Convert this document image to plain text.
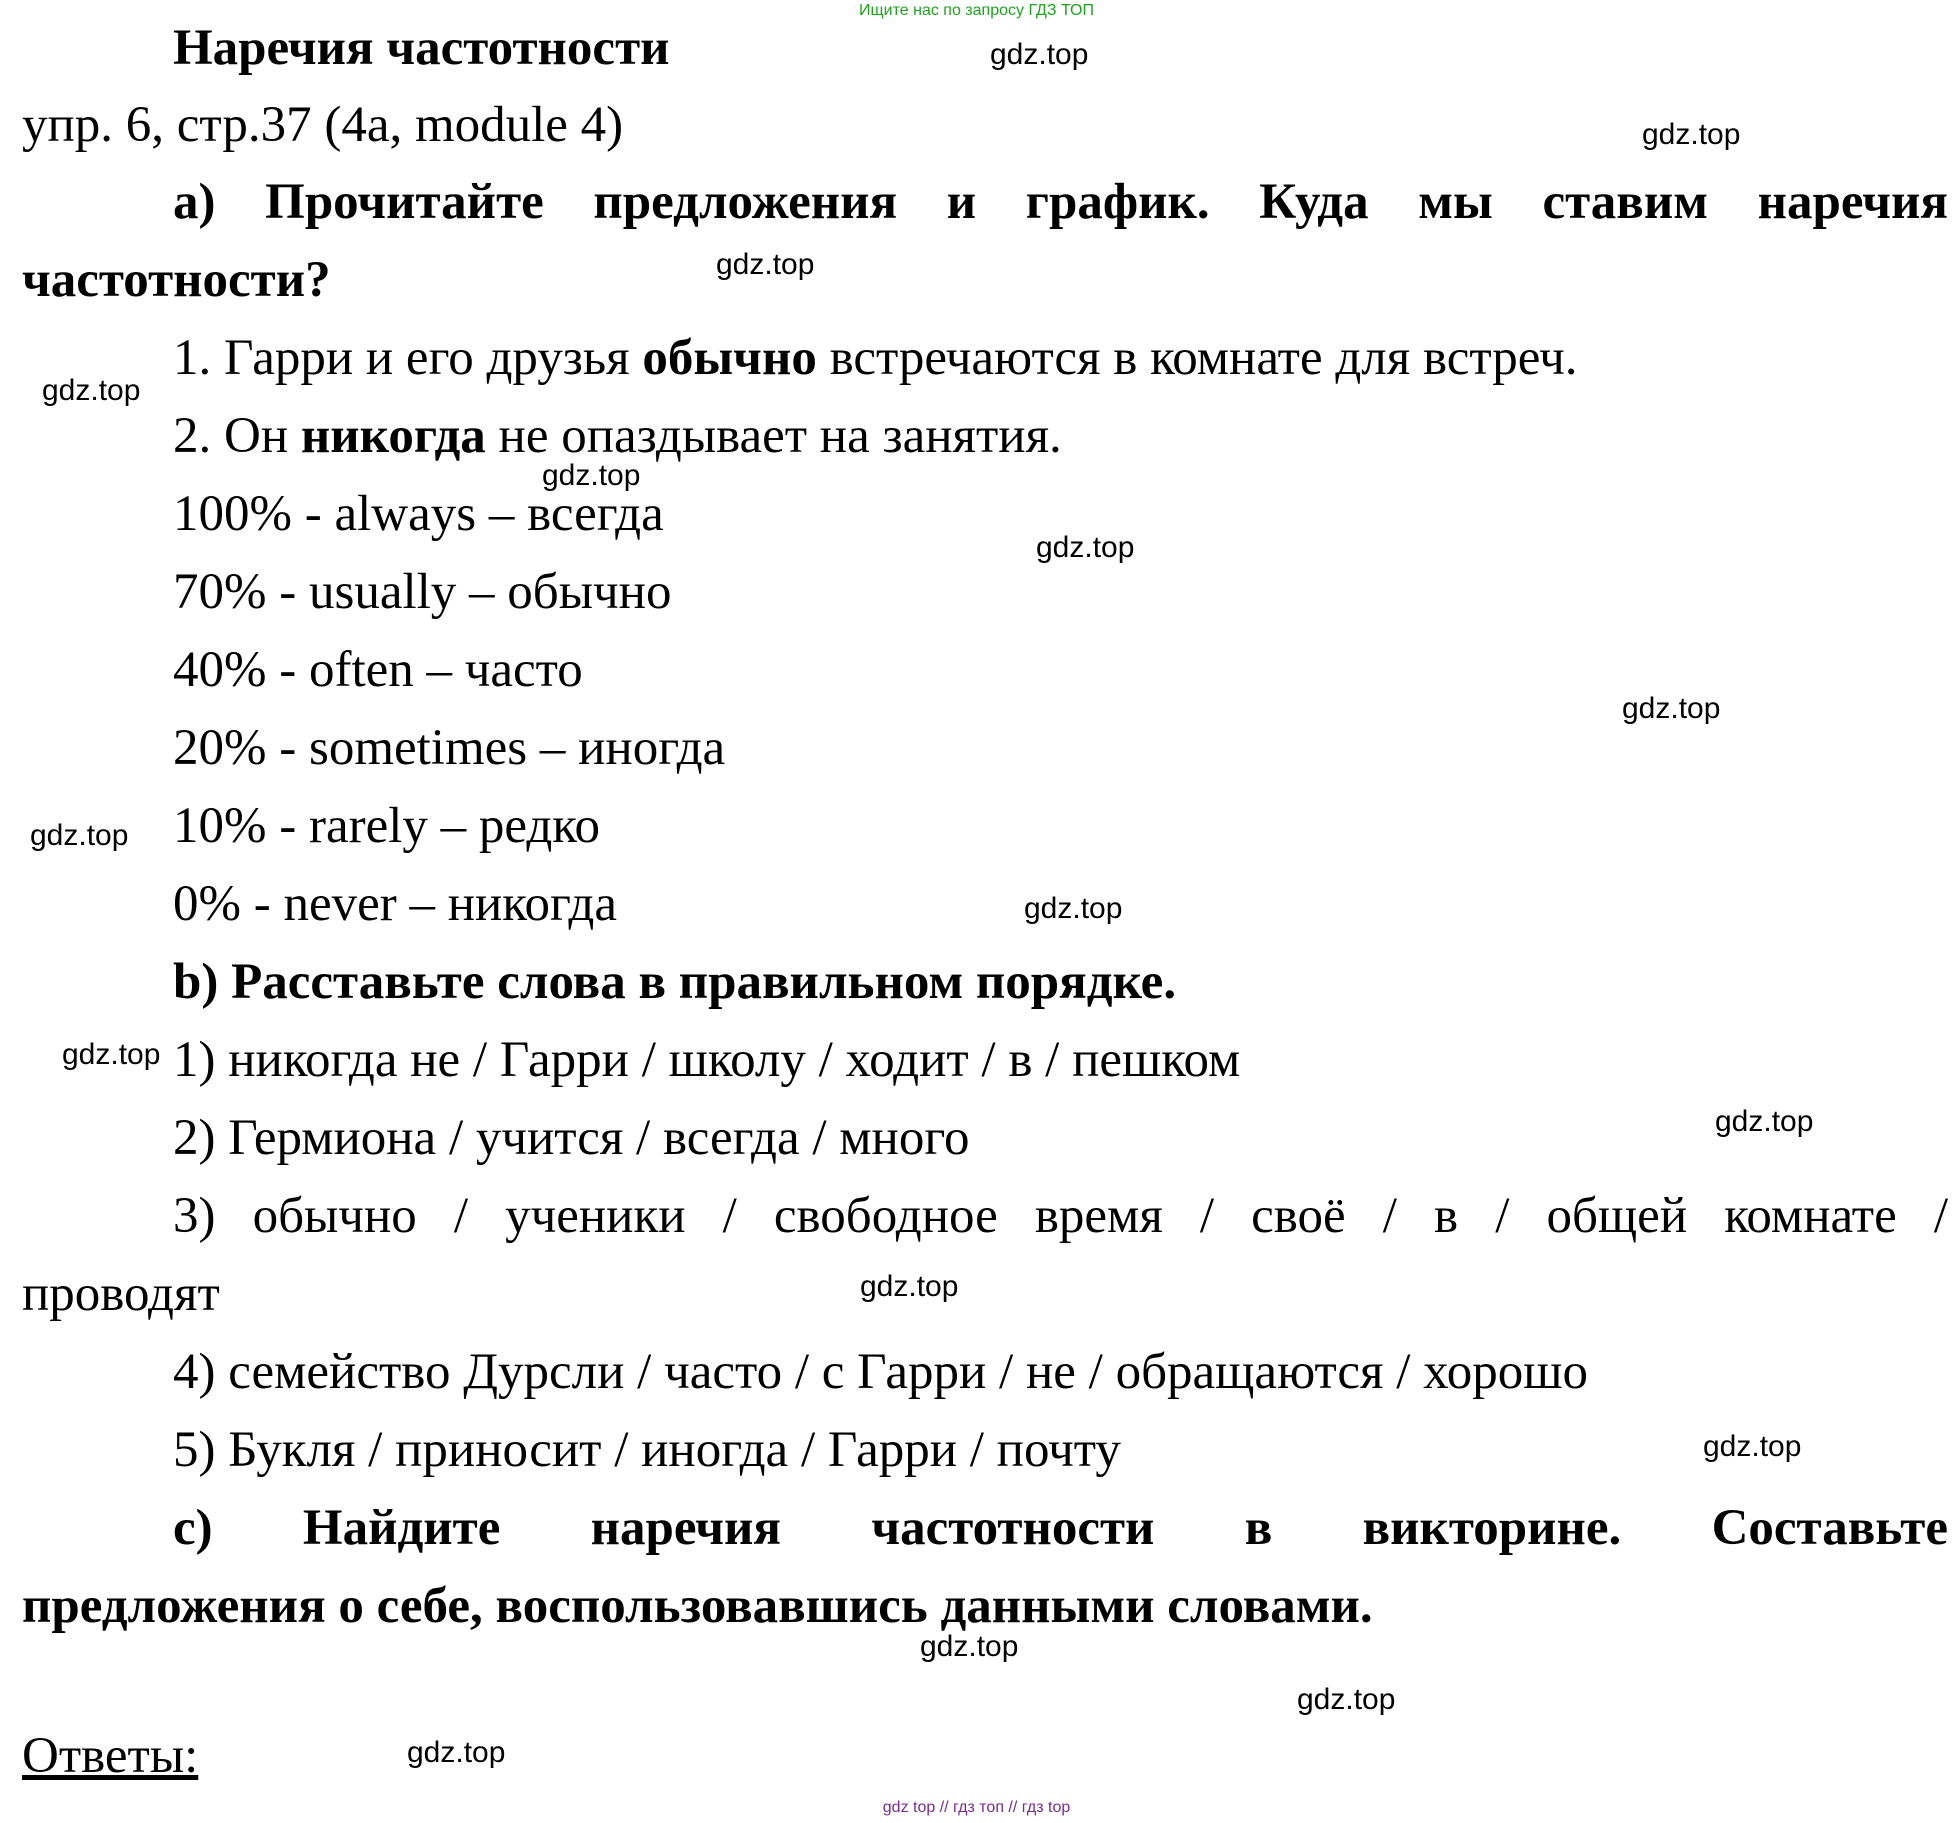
Ищите нас по запросу ГДЗ ТОП
Наречия частотности
упр. 6, стр.37 (4a, module 4)
a) Прочитайте предложения и график. Куда мы ставим наречия
частотности?
1. Гарри и его друзья обычно встречаются в комнате для встреч.
2. Он никогда не опаздывает на занятия.
100% - always – всегда
70% - usually – обычно
40% - often – часто
20% - sometimes – иногда
10% - rarely – редко
0% - never – никогда
b) Расставьте слова в правильном порядке.
1) никогда не / Гарри / школу / ходит / в / пешком
2) Гермиона / учится / всегда / много
3) обычно / ученики / свободное время / своё / в / общей комнате /
проводят
4) семейство Дурсли / часто / с Гарри / не / обращаются / хорошо
5) Букля / приносит / иногда / Гарри / почту
c) Найдите наречия частотности в викторине. Составьте
предложения о себе, воспользовавшись данными словами.
Ответы:
gdz.top
gdz.top
gdz.top
gdz.top
gdz.top
gdz.top
gdz.top
gdz.top
gdz.top
gdz.top
gdz.top
gdz.top
gdz.top
gdz.top
gdz.top
gdz.top
gdz top // гдз топ // гдз top
